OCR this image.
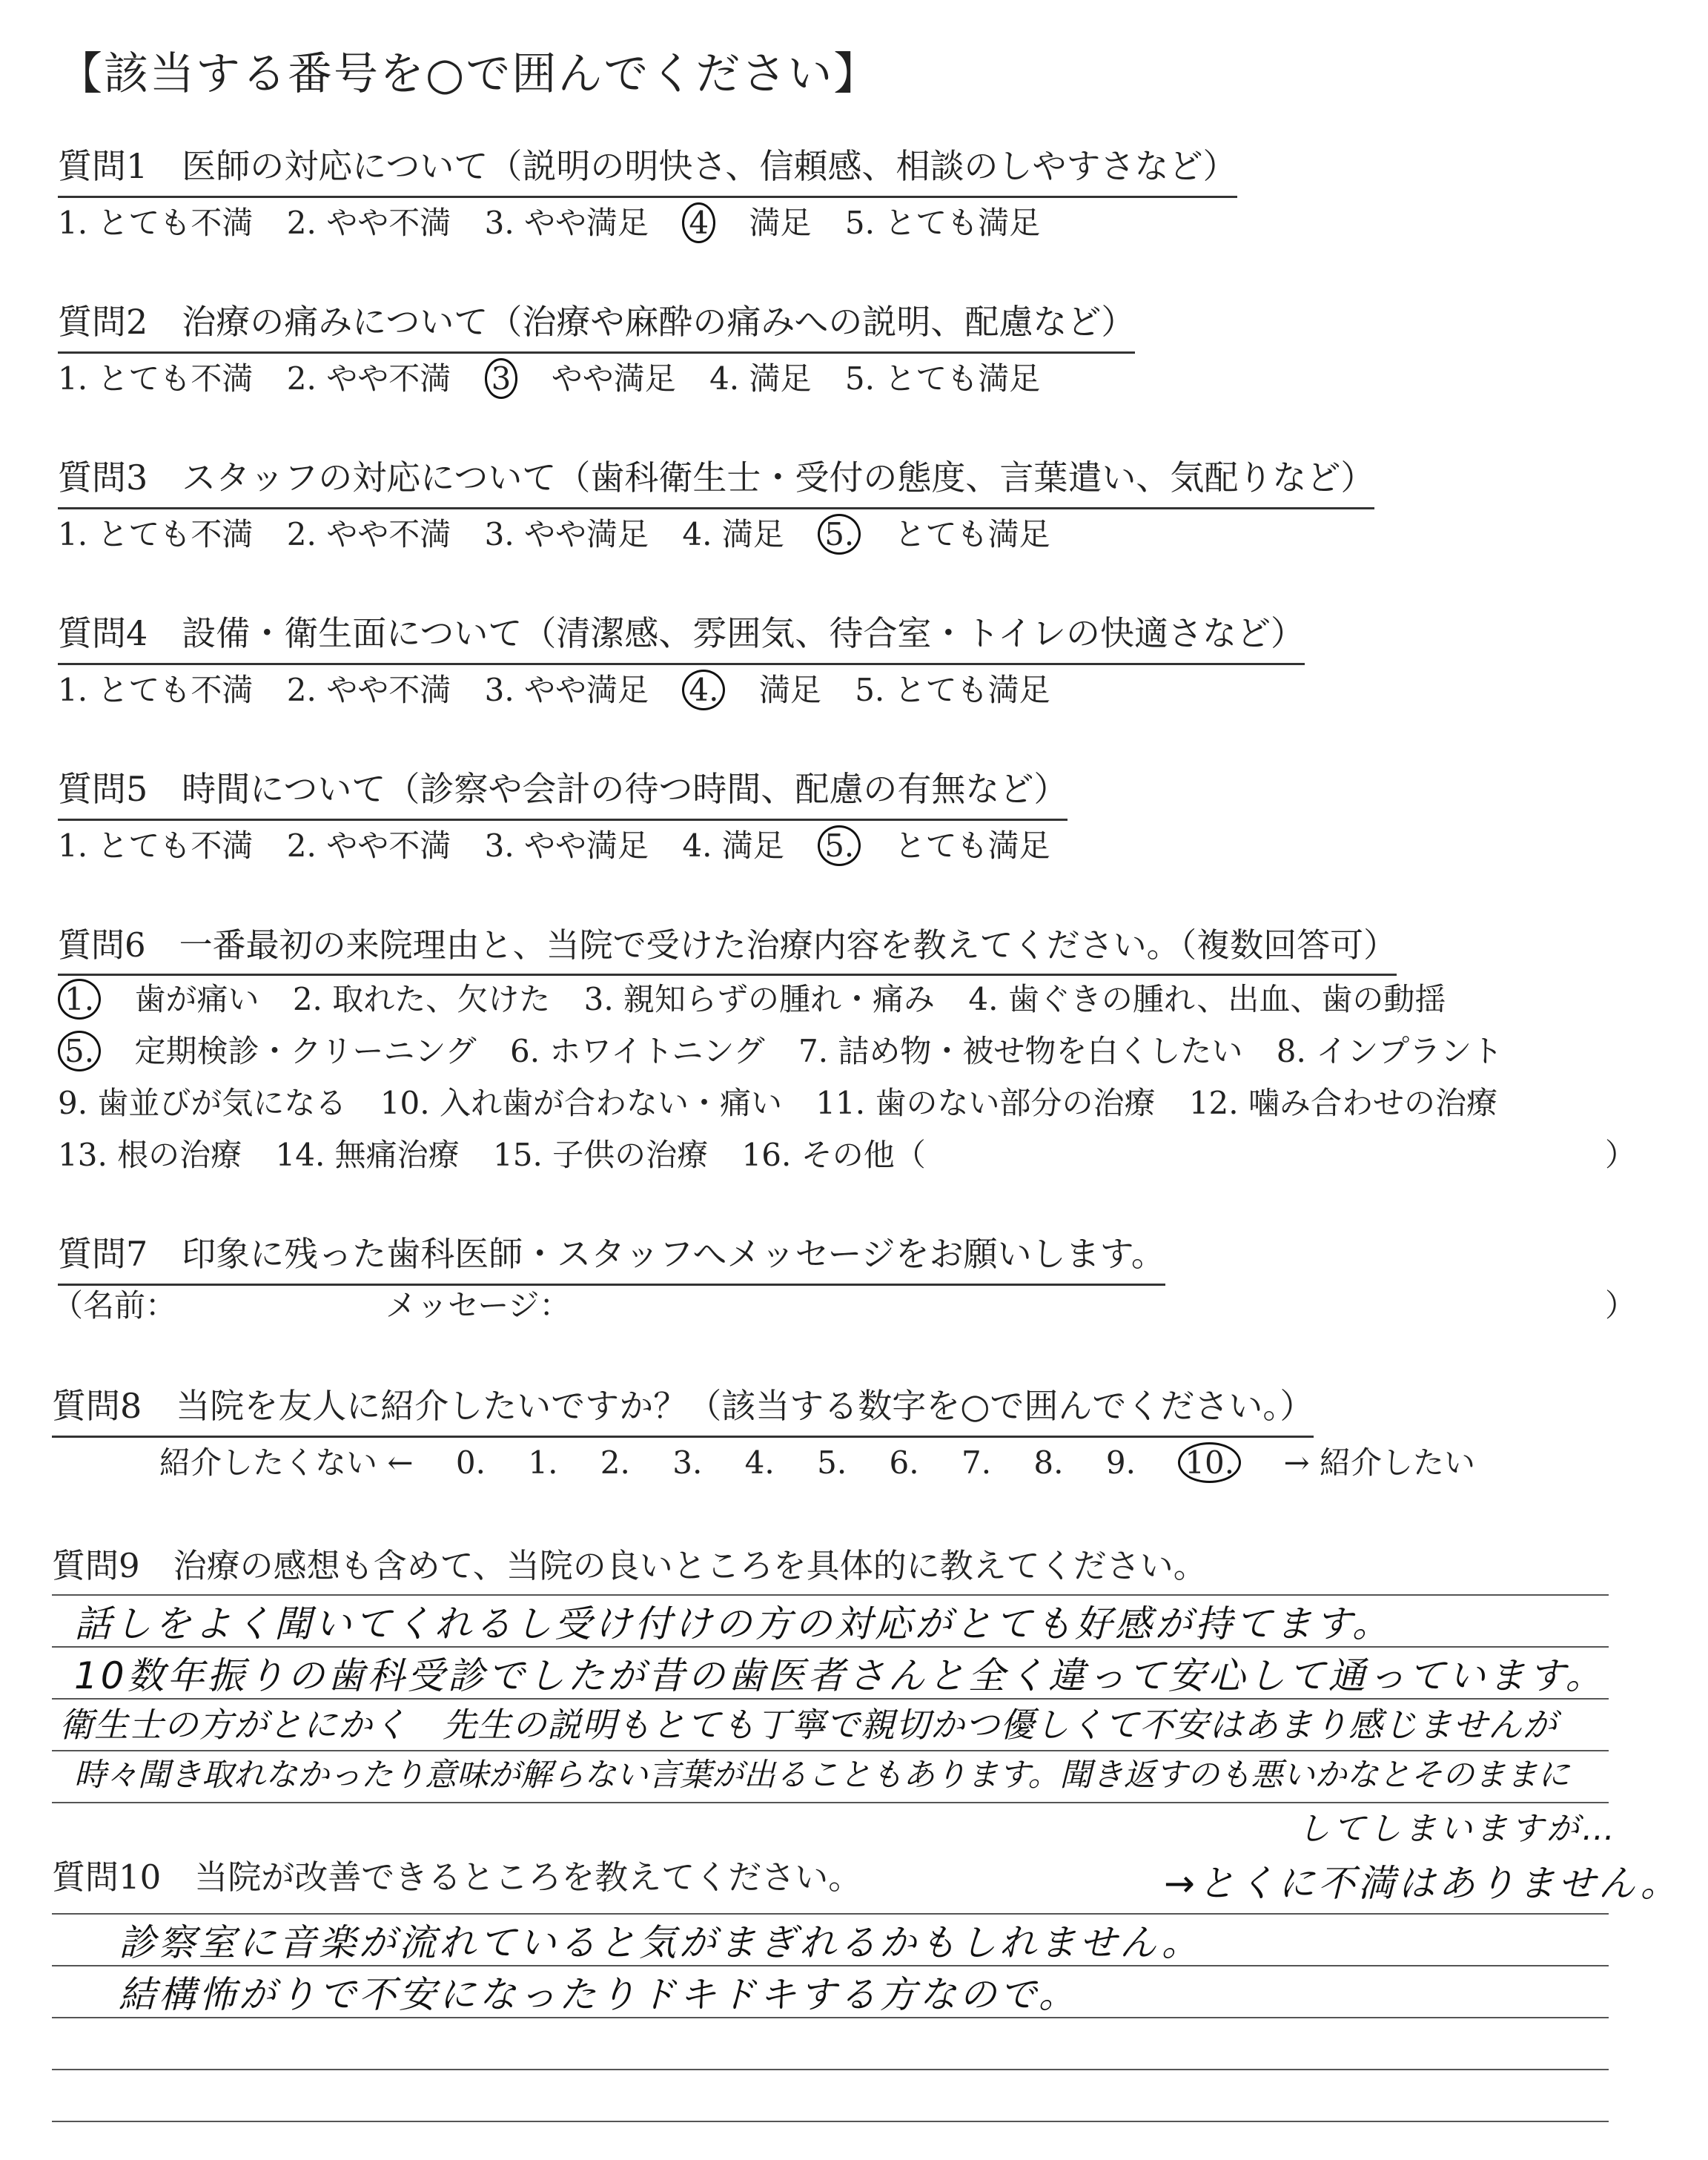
【該当する番号を○で囲んでください】
質問1　医師の対応について（説明の明快さ、信頼感、相談のしやすさなど）
1. とても不満 2. やや不満 3. やや満足 4 満足 5. とても満足
質問2　治療の痛みについて（治療や麻酔の痛みへの説明、配慮など）
1. とても不満 2. やや不満 3 やや満足 4. 満足 5. とても満足
質問3　スタッフの対応について（歯科衛生士・受付の態度、言葉遣い、気配りなど）
1. とても不満 2. やや不満 3. やや満足 4. 満足 5. とても満足
質問4　設備・衛生面について（清潔感、雰囲気、待合室・トイレの快適さなど）
1. とても不満 2. やや不満 3. やや満足 4. 満足 5. とても満足
質問5　時間について（診察や会計の待つ時間、配慮の有無など）
1. とても不満 2. やや不満 3. やや満足 4. 満足 5. とても満足
質問6　一番最初の来院理由と、当院で受けた治療内容を教えてください。（複数回答可）
1. 歯が痛い 2. 取れた、欠けた 3. 親知らずの腫れ・痛み 4. 歯ぐきの腫れ、出血、歯の動揺
5. 定期検診・クリーニング 6. ホワイトニング 7. 詰め物・被せ物を白くしたい 8. インプラント
9. 歯並びが気になる 10. 入れ歯が合わない・痛い 11. 歯のない部分の治療 12. 噛み合わせの治療
13. 根の治療 14. 無痛治療 15. 子供の治療 16. その他（	）
質問7　印象に残った歯科医師・スタッフへメッセージをお願いします。
（名前：	メッセージ：	）
質問8　当院を友人に紹介したいですか？（該当する数字を○で囲んでください。）
紹介したくない ← 0. 1. 2. 3. 4. 5. 6. 7. 8. 9. 10. → 紹介したい
質問9　治療の感想も含めて、当院の良いところを具体的に教えてください。
話しをよく聞いてくれるし受け付けの方の対応がとても好感が持てます。
10数年振りの歯科受診でしたが昔の歯医者さんと全く違って安心して通っています。
衛生士の方がとにかく　先生の説明もとても丁寧で親切かつ優しくて不安はあまり感じませんが
時々聞き取れなかったり意味が解らない言葉が出ることもあります。聞き返すのも悪いかなとそのままに
してしまいますが…
質問10　当院が改善できるところを教えてください。	→とくに不満はありません。
診察室に音楽が流れていると気がまぎれるかもしれません。
結構怖がりで不安になったりドキドキする方なので。
